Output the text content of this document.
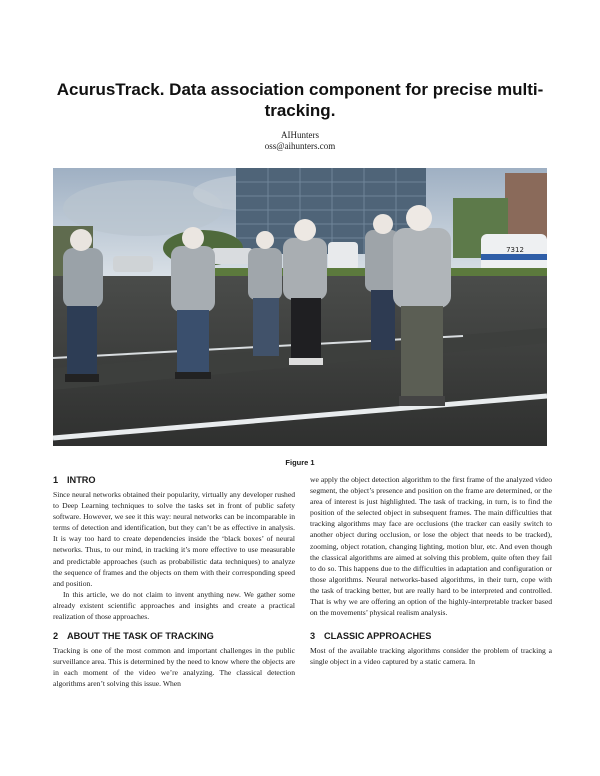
AcurusTrack. Data association component for precise multi-tracking.
AIHunters
oss@aihunters.com
7312
Figure 1
1 INTRO

Since neural networks obtained their popularity, virtually any developer rushed to Deep Learning techniques to solve the tasks set in front of public safety software. However, we see it this way: neural networks can be incomparable in terms of detection and identification, but they can’t be as effective in analysis. It is way too hard to create dependencies inside the ‘black boxes’ of neural networks. Thus, to our mind, in tracking it’s more effective to use measurable and predictable approaches (such as probabilistic data techniques) to analyze the sequence of frames and the objects on them with their corresponding speed and position.

In this article, we do not claim to invent anything new. We gather some already existent scientific approaches and insights and create a practical realization of those approaches.

2 ABOUT THE TASK OF TRACKING

Tracking is one of the most common and important challenges in the public surveillance area. This is determined by the need to know where the objects are in each moment of the video we’re analyzing. The classical detection algorithms aren’t solving this issue. When

we apply the object detection algorithm to the first frame of the analyzed video segment, the object’s presence and position on the frame are determined, or the area of interest is just highlighted. The task of tracking, in turn, is to find the position of the selected object in subsequent frames. The main difficulties that tracking algorithms may face are occlusions (the tracker can easily switch to another object during occlusion, or lose the object that needs to be tracked), zooming, object rotation, changing lighting, motion blur, etc. And even though the classical algorithms are aimed at solving this problem, quite often they fail to do so. This happens due to the difficulties in adaptation and configuration or those algorithms. Neural networks-based algorithms, in their turn, cope with the task of tracking better, but are really hard to be interpreted and controlled. That is why we are offering an option of the highly-interpretable tracker based on the movements’ physical realism analysis.

3 CLASSIC APPROACHES

Most of the available tracking algorithms consider the problem of tracking a single object in a video captured by a static camera. In
